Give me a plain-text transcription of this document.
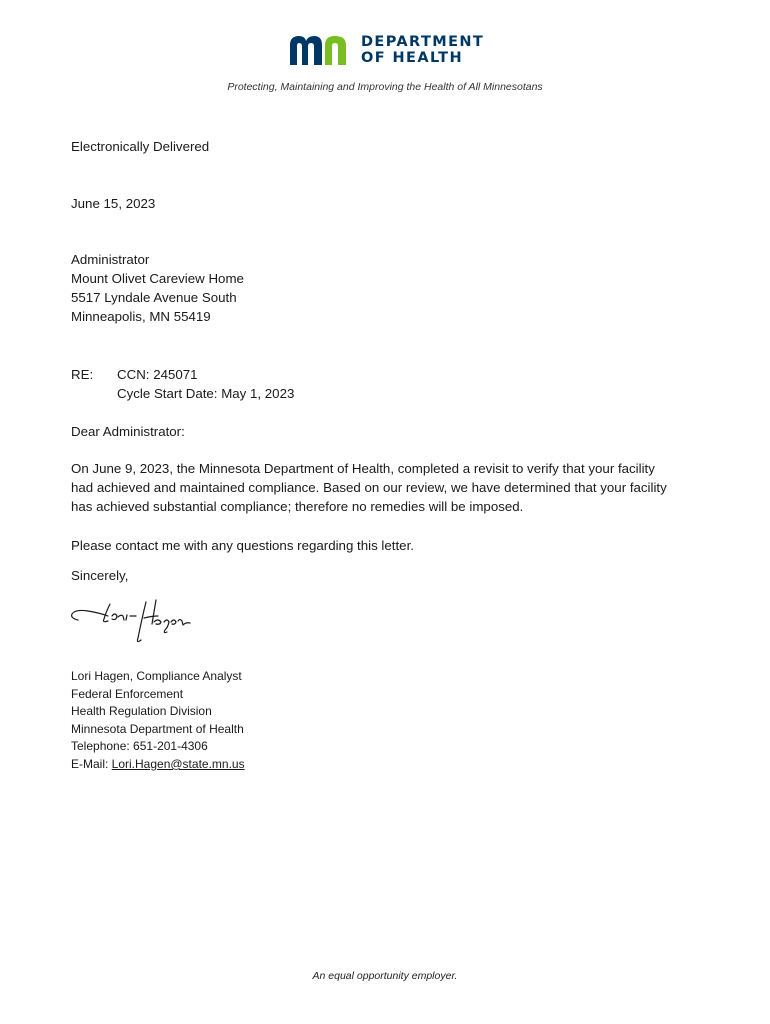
DEPARTMENT
OF HEALTH
Protecting, Maintaining and Improving the Health of All Minnesotans
Electronically Delivered
June 15, 2023
Administrator
Mount Olivet Careview Home
5517 Lyndale Avenue South
Minneapolis, MN 55419
RE: CCN: 245071
Cycle Start Date: May 1, 2023
Dear Administrator:
On June 9, 2023, the Minnesota Department of Health, completed a revisit to verify that your facility
had achieved and maintained compliance. Based on our review, we have determined that your facility
has achieved substantial compliance; therefore no remedies will be imposed.
Please contact me with any questions regarding this letter.
Sincerely,
Lori Hagen, Compliance Analyst
Federal Enforcement
Health Regulation Division
Minnesota Department of Health
Telephone: 651-201-4306
E-Mail: Lori.Hagen@state.mn.us
An equal opportunity employer.
